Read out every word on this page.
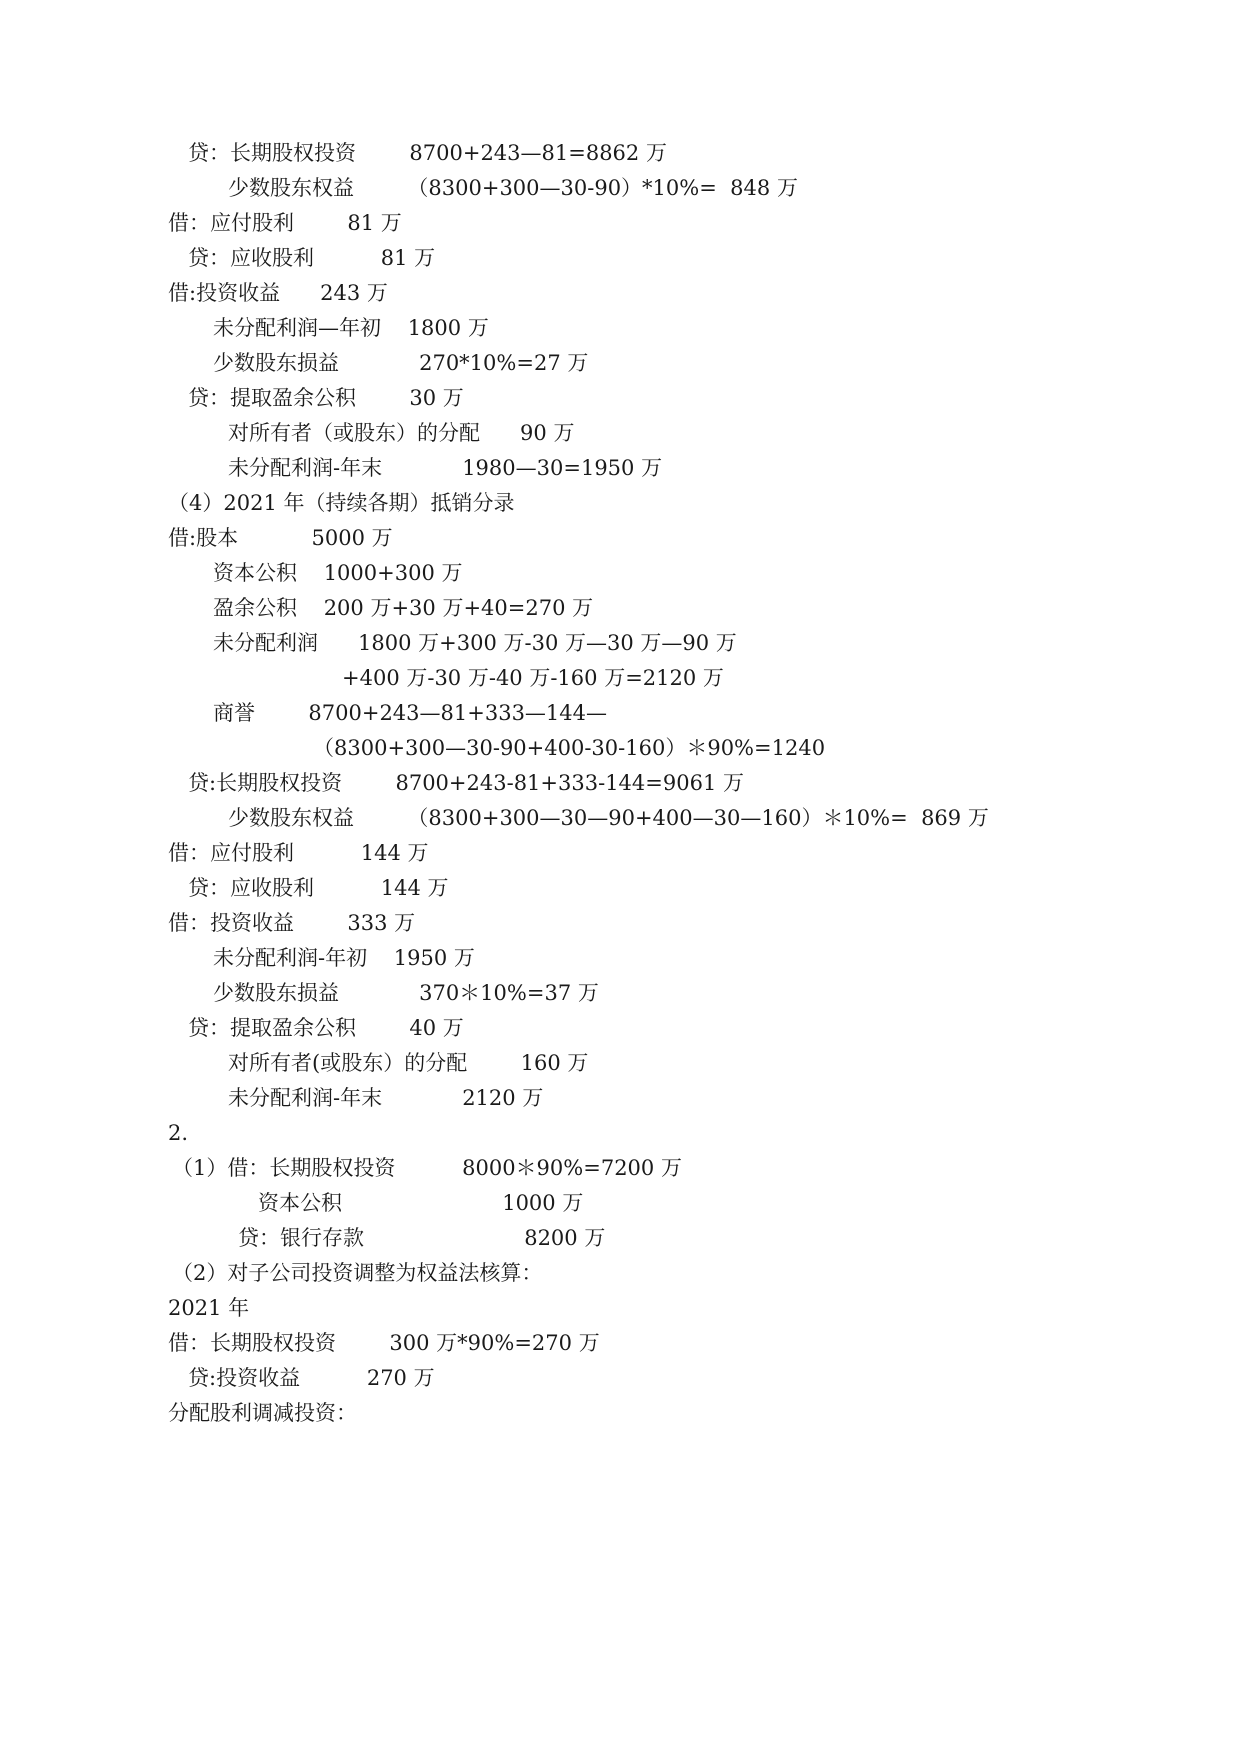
贷：长期股权投资        8700+243—81=8862 万
少数股东权益        （8300+300—30-90）*10%=  848 万
借：应付股利        81 万
贷：应收股利          81 万
借:投资收益      243 万
未分配利润—年初    1800 万
少数股东损益            270*10%=27 万
贷：提取盈余公积        30 万
对所有者（或股东）的分配      90 万
未分配利润-年末            1980—30=1950 万
（4）2021 年（持续各期）抵销分录
借:股本           5000 万
资本公积    1000+300 万
盈余公积    200 万+30 万+40=270 万
未分配利润      1800 万+300 万-30 万—30 万—90 万
+400 万-30 万-40 万-160 万=2120 万
商誉        8700+243—81+333—144—
（8300+300—30-90+400-30-160）＊90%=1240
贷:长期股权投资        8700+243-81+333-144=9061 万
少数股东权益        （8300+300—30—90+400—30—160）＊10%=  869 万
借：应付股利          144 万
贷：应收股利          144 万
借：投资收益        333 万
未分配利润-年初    1950 万
少数股东损益            370＊10%=37 万
贷：提取盈余公积        40 万
对所有者(或股东）的分配        160 万
未分配利润-年末            2120 万
2.
（1）借：长期股权投资          8000＊90%=7200 万
资本公积                        1000 万
贷：银行存款                        8200 万
（2）对子公司投资调整为权益法核算：
2021 年
借：长期股权投资        300 万*90%=270 万
贷:投资收益          270 万
分配股利调减投资：
